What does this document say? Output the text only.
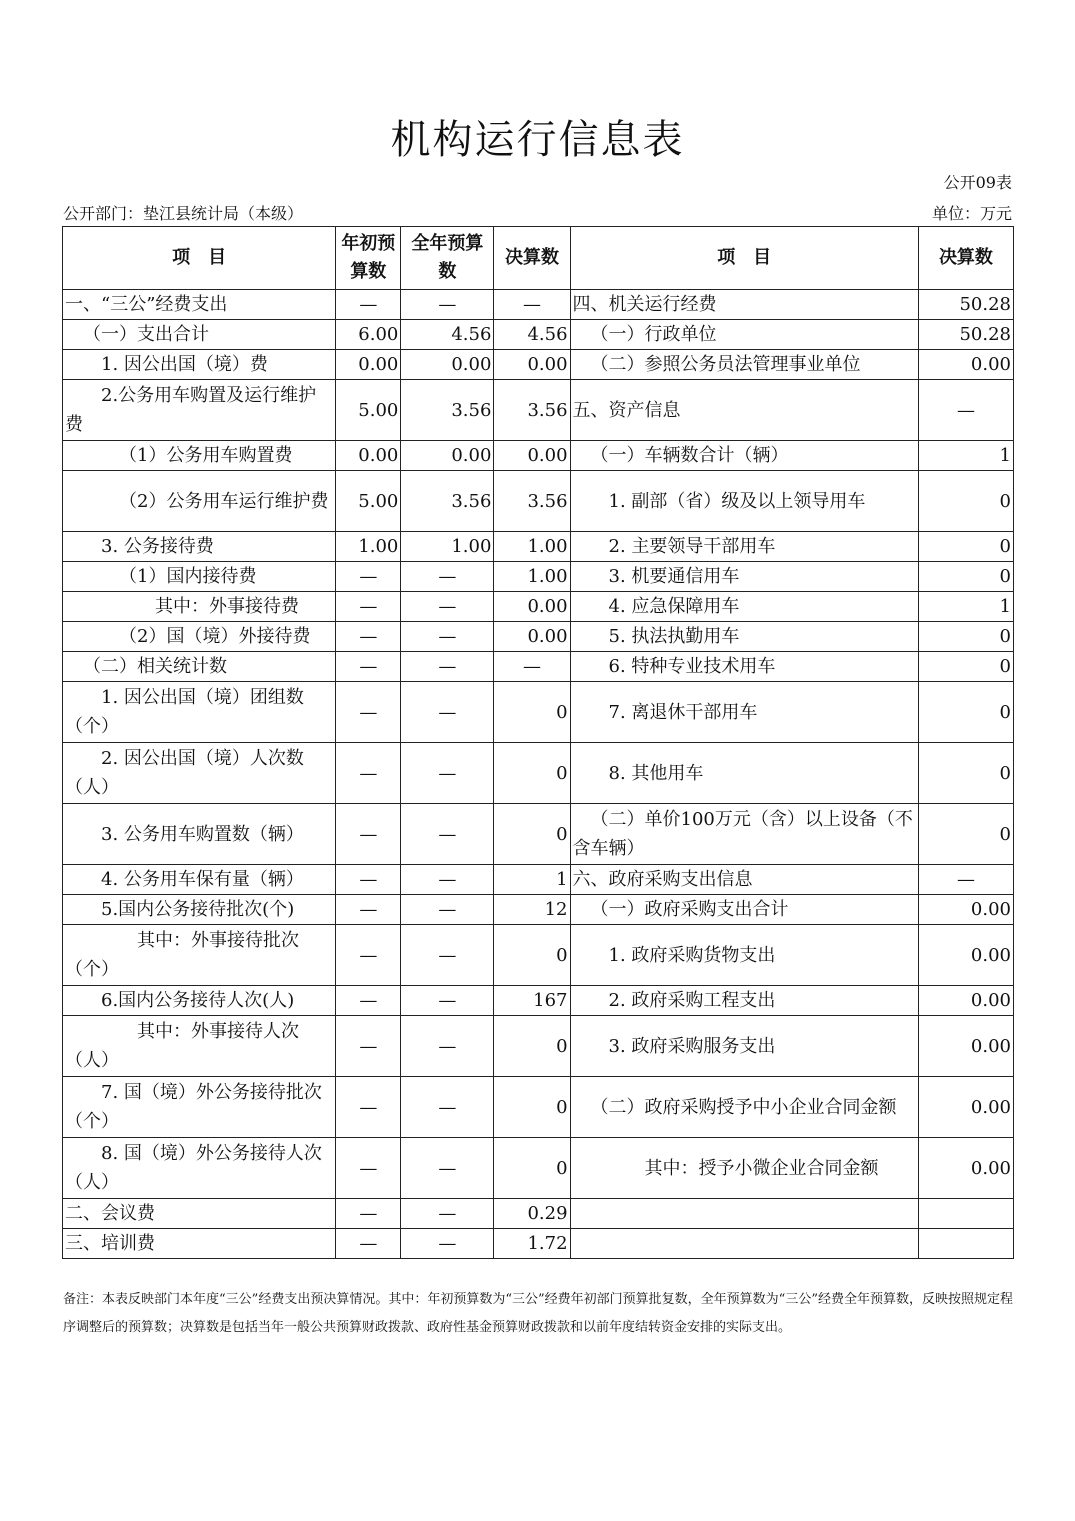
机构运行信息表
公开09表
公开部门：垫江县统计局（本级）	单位：万元
项　目	年初预算数	全年预算数	决算数	项　目	决算数
一、“三公”经费支出	—	—	—	四、机关运行经费	50.28
（一）支出合计	6.00	4.56	4.56	（一）行政单位	50.28
1. 因公出国（境）费	0.00	0.00	0.00	（二）参照公务员法管理事业单位	0.00
2.公务用车购置及运行维护费	5.00	3.56	3.56	五、资产信息	—
（1）公务用车购置费	0.00	0.00	0.00	（一）车辆数合计（辆）	1
（2）公务用车运行维护费	5.00	3.56	3.56	1. 副部（省）级及以上领导用车	0
3. 公务接待费	1.00	1.00	1.00	2. 主要领导干部用车	0
（1）国内接待费	—	—	1.00	3. 机要通信用车	0
其中：外事接待费	—	—	0.00	4. 应急保障用车	1
（2）国（境）外接待费	—	—	0.00	5. 执法执勤用车	0
（二）相关统计数	—	—	—	6. 特种专业技术用车	0
1. 因公出国（境）团组数（个）	—	—	0	7. 离退休干部用车	0
2. 因公出国（境）人次数（人）	—	—	0	8. 其他用车	0
3. 公务用车购置数（辆）	—	—	0	（二）单价100万元（含）以上设备（不含车辆）	0
4. 公务用车保有量（辆）	—	—	1	六、政府采购支出信息	—
5.国内公务接待批次(个)	—	—	12	（一）政府采购支出合计	0.00
其中：外事接待批次（个）	—	—	0	1. 政府采购货物支出	0.00
6.国内公务接待人次(人)	—	—	167	2. 政府采购工程支出	0.00
其中：外事接待人次（人）	—	—	0	3. 政府采购服务支出	0.00
7. 国（境）外公务接待批次（个）	—	—	0	（二）政府采购授予中小企业合同金额	0.00
8. 国（境）外公务接待人次（人）	—	—	0	其中：授予小微企业合同金额	0.00
二、会议费	—	—	0.29		
三、培训费	—	—	1.72		
备注：本表反映部门本年度“三公”经费支出预决算情况。其中：年初预算数为“三公”经费年初部门预算批复数，全年预算数为“三公”经费全年预算数，反映按照规定程序调整后的预算数；决算数是包括当年一般公共预算财政拨款、政府性基金预算财政拨款和以前年度结转资金安排的实际支出。
